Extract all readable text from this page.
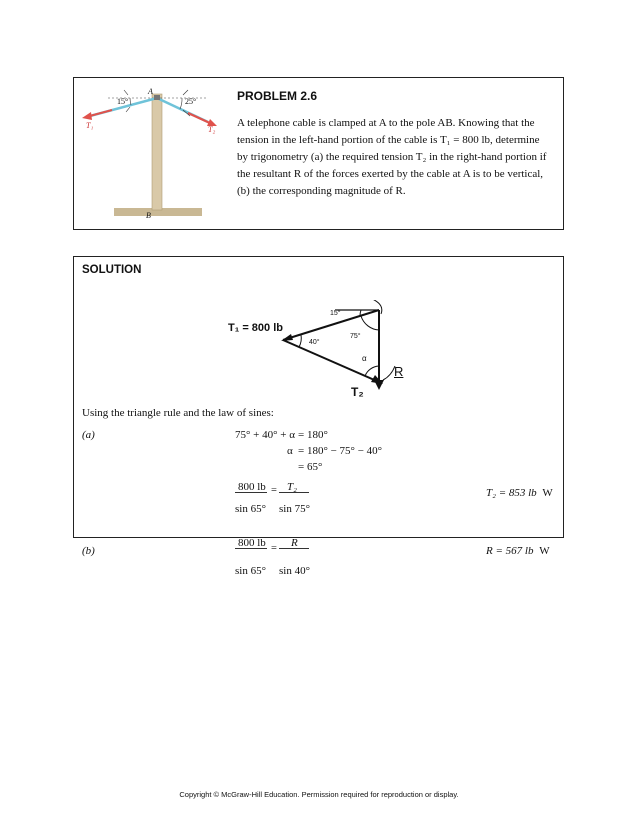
A
15°	25°
T₁	T₂
B
PROBLEM 2.6
A telephone cable is clamped at A to the pole AB. Knowing that the
tension in the left-hand portion of the cable is T₁ = 800 lb, determine
by trigonometry (a) the required tension T₂ in the right-hand portion if
the resultant R of the forces exerted by the cable at A is to be vertical,
(b) the corresponding magnitude of R.
SOLUTION
T₁ = 800 lb
15°
75°
40°
α
R
T₂
Using the triangle rule and the law of sines:
(a)	75° + 40° + α = 180°
α = 180° − 75° − 40°
= 65°
800 lb
sin 65°
= T₂
sin 75°
T₂ = 853 lb W
(b)
800 lb
sin 65°
= R
sin 40°
R = 567 lb W
Copyright © McGraw-Hill Education. Permission required for reproduction or display.
